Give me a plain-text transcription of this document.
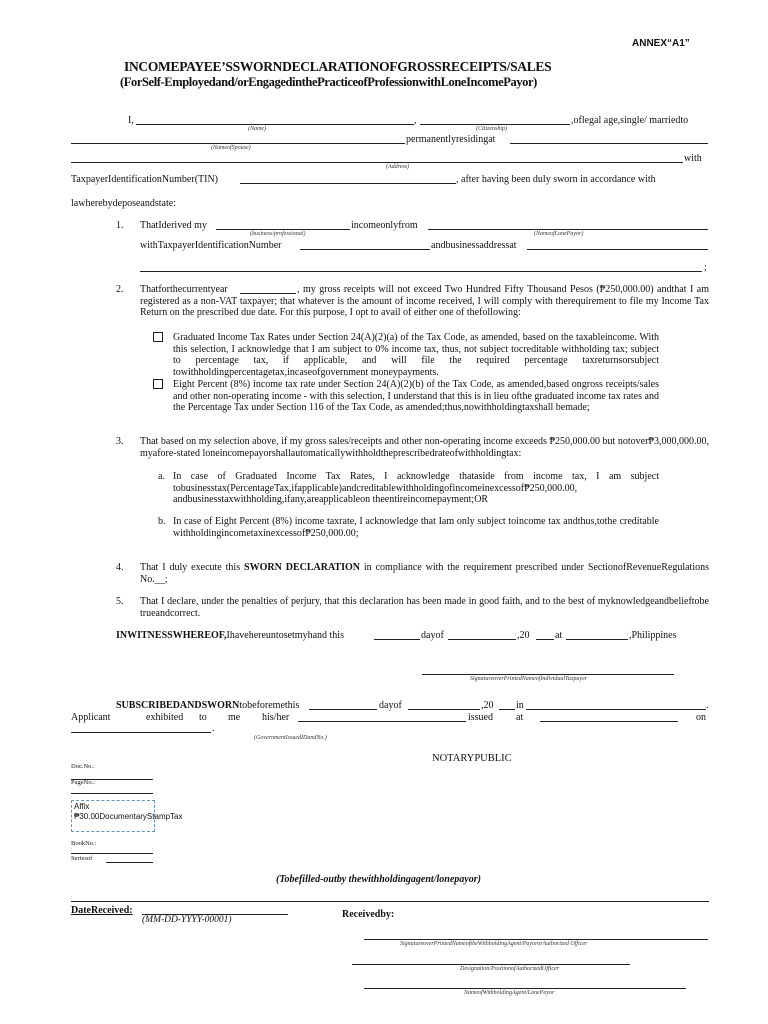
ANNEX“A1”
INCOMEPAYEE’SSWORNDECLARATIONOFGROSSRECEIPTS/SALES
(ForSelf-Employedand/orEngagedinthePracticeofProfessionwithLoneIncomePayor)
I,	,	,oflegal age,single/ marriedto
(Name)	(Citizenship)
permanentlyresidingat
(NameofSpouse)
with
(Address)
TaxpayerIdentificationNumber(TIN)	, after having been duly sworn in accordance with
lawherebydeposeandstate:
1. ThatIderived my	incomeonlyfrom
(business/professional)	(NameofLonePayor)
withTaxpayerIdentificationNumber	andbusinessaddressat
;
2. Thatforthecurrentyear	, my gross receipts will not exceed Two Hundred Fifty Thousand Pesos (₱250,000.00) andthat I am registered as a non-VAT taxpayer; that whatever is the amount of income received, I will comply with therequirement to file my Income Tax Return on the prescribed due date. For this purpose, I opt to avail of either one of thefollowing:
Graduated Income Tax Rates under Section 24(A)(2)(a) of the Tax Code, as amended, based on the taxableincome. With this selection, I acknowledge that I am subject to 0% income tax, thus, not subject tocreditable withholding tax; subject to percentage tax, if applicable, and will file the required percentage taxreturnsorsubject towithholdingpercentagetax,incaseofgovernment moneypayments.
Eight Percent (8%) income tax rate under Section 24(A)(2)(b) of the Tax Code, as amended,based ongross receipts/sales and other non-operating income - with this selection, I understand that this is in lieu ofthe graduated income tax rates and the Percentage Tax under Section 116 of the Tax Code, as amended;thus,nowithholdingtaxshall bemade;
3. That based on my selection above, if my gross sales/receipts and other non-operating income exceeds ₱250,000.00 but notover₱3,000,000.00, myafore-stated loneincomepayorshallautomaticallywithholdtheprescribedrateofwithholdingtax:
a. In case of Graduated Income Tax Rates, I acknowledge thataside from income tax, I am subject tobusinesstax(PercentageTax,ifapplicable)andcreditablewithholdingofincomeinexcessof₱250,000.00, andbusinesstaxwithholding,ifany,areapplicableon theentireincomepayment;OR
b. In case of Eight Percent (8%) income taxrate, I acknowledge that Iam only subject toincome tax andthus,tothe creditable withholdingincometaxinexcessof₱250,000.00;
4. That I duly execute this SWORN DECLARATION in compliance with the requirement prescribed under SectionofRevenueRegulations No.__;
5. That I declare, under the penalties of perjury, that this declaration has been made in good faith, and to the best of myknowledgeandbelieftobe trueandcorrect.
INWITNESSWHEREOF,Ihavehereuntosetmyhand this	dayof	,20	at	,Philippines
SignatureoverPrintedNameofIndividualTaxpayer
SUBSCRIBEDANDSWORNtobeforemethis	dayof	,20 in	.
Applicant	exhibited to me his/her	issued at	on
.
(GovernmentIssuedIDandNo.)
NOTARYPUBLIC
Doc.No.:
PageNo.:
Affix ₱30.00DocumentaryStampTax
BookNo.:
Seriesof
(Tobefilled-outby thewithholdingagent/lonepayor)
DateReceived:
(MM-DD-YYYY-00001)	Receivedby:
SignatureoverPrintedNameoftheWithholdingAgent/PayororAuthorized Officer
Designation/PositionofAuthorizedOfficer
NameofWithholdingAgent/LonePayor
